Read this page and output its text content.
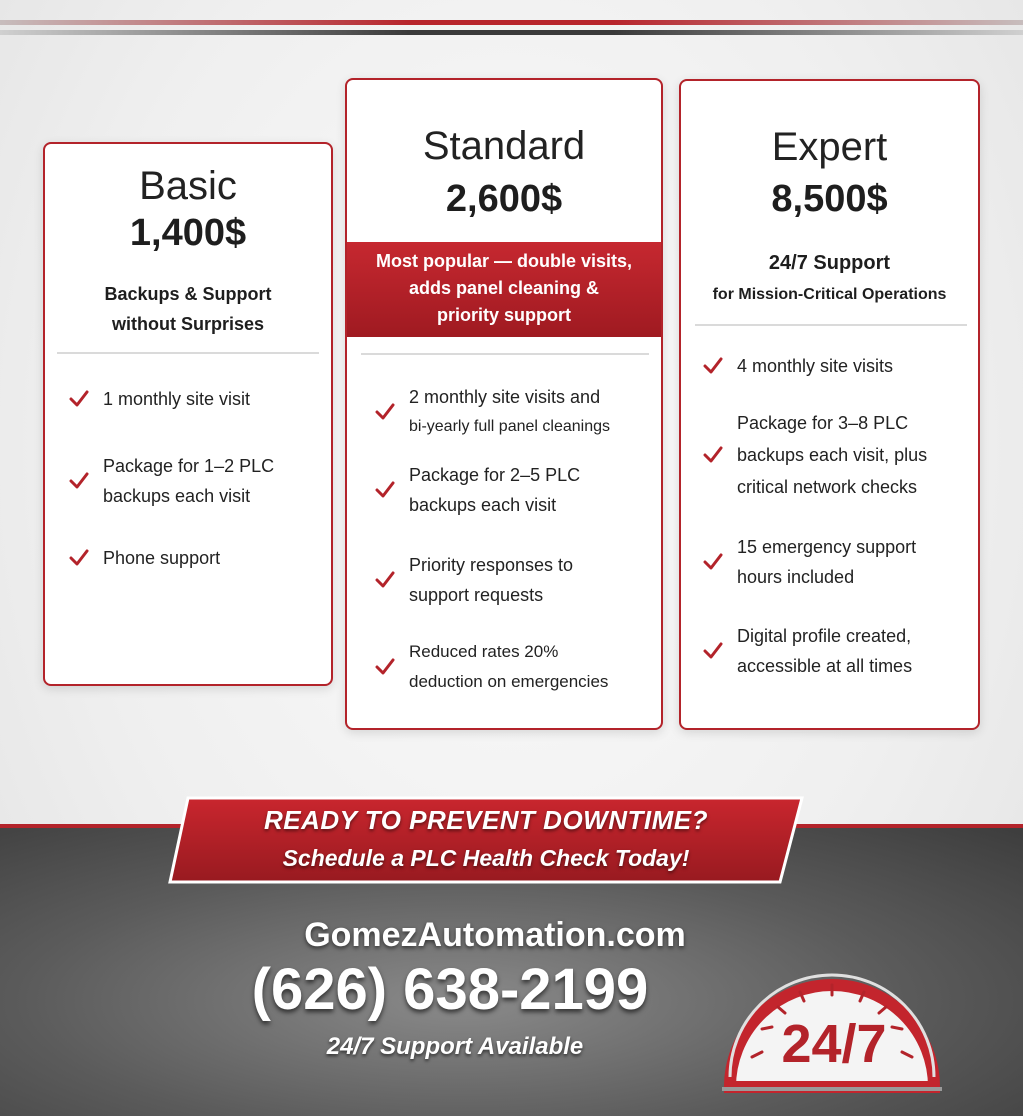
Basic
1,400$
Backups & Support
without Surprises
1 monthly site visit
Package for 1–2 PLC
backups each visit
Phone support
Standard
2,600$
Most popular — double visits,
adds panel cleaning &
priority support
2 monthly site visits and
bi-yearly full panel cleanings
Package for 2–5 PLC
backups each visit
Priority responses to
support requests
Reduced rates 20%
deduction on emergencies
Expert
8,500$
24/7 Support
for Mission-Critical Operations
4 monthly site visits
Package for 3–8 PLC
backups each visit, plus
critical network checks
15 emergency support
hours included
Digital profile created,
accessible at all times
READY TO PREVENT DOWNTIME?
Schedule a PLC Health Check Today!
GomezAutomation.com
(626) 638-2199
24/7 Support Available	24/7
